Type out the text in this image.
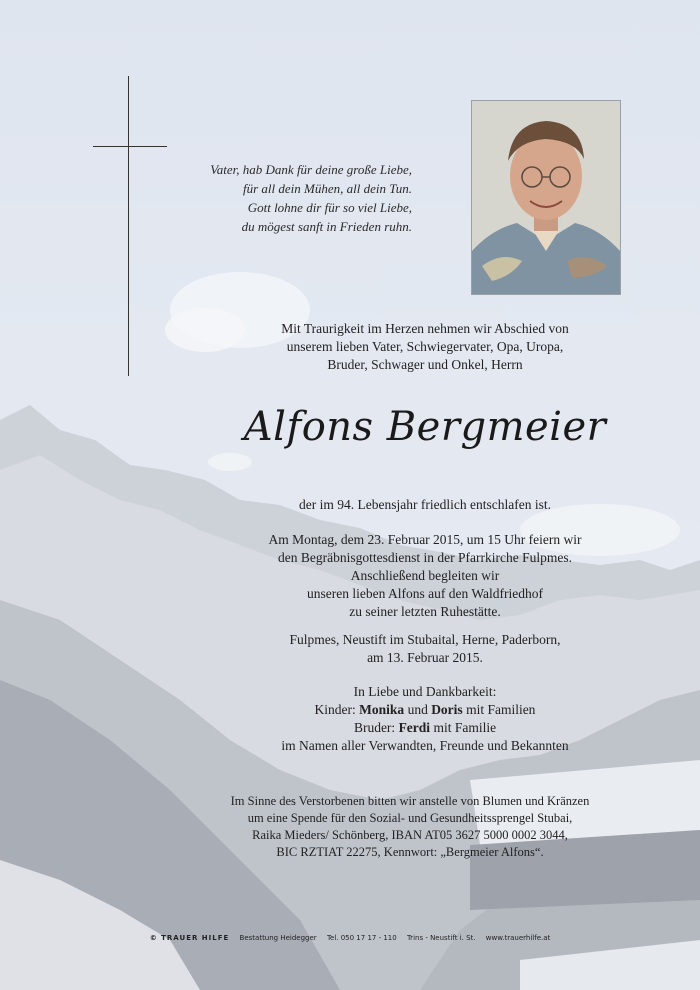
Vater, hab Dank für deine große Liebe,
für all dein Mühen, all dein Tun.
Gott lohne dir für so viel Liebe,
du mögest sanft in Frieden ruhn.
Mit Traurigkeit im Herzen nehmen wir Abschied von
unserem lieben Vater, Schwiegervater, Opa, Uropa,
Bruder, Schwager und Onkel, Herrn
Alfons Bergmeier
der im 94. Lebensjahr friedlich entschlafen ist.
Am Montag, dem 23. Februar 2015, um 15 Uhr feiern wir
den Begräbnisgottesdienst in der Pfarrkirche Fulpmes.
Anschließend begleiten wir
unseren lieben Alfons auf den Waldfriedhof
zu seiner letzten Ruhestätte.
Fulpmes, Neustift im Stubaital, Herne, Paderborn,
am 13. Februar 2015.
In Liebe und Dankbarkeit:
Kinder: Monika und Doris mit Familien
Bruder: Ferdi mit Familie
im Namen aller Verwandten, Freunde und Bekannten
Im Sinne des Verstorbenen bitten wir anstelle von Blumen und Kränzen
um eine Spende für den Sozial- und Gesundheitssprengel Stubai,
Raika Mieders/ Schönberg, IBAN AT05 3627 5000 0002 3044,
BIC RZTIAT 22275, Kennwort: „Bergmeier Alfons“.
© TRAUER HILFE Bestattung Heidegger Tel. 050 17 17 - 110 Trins - Neustift i. St. www.trauerhilfe.at
